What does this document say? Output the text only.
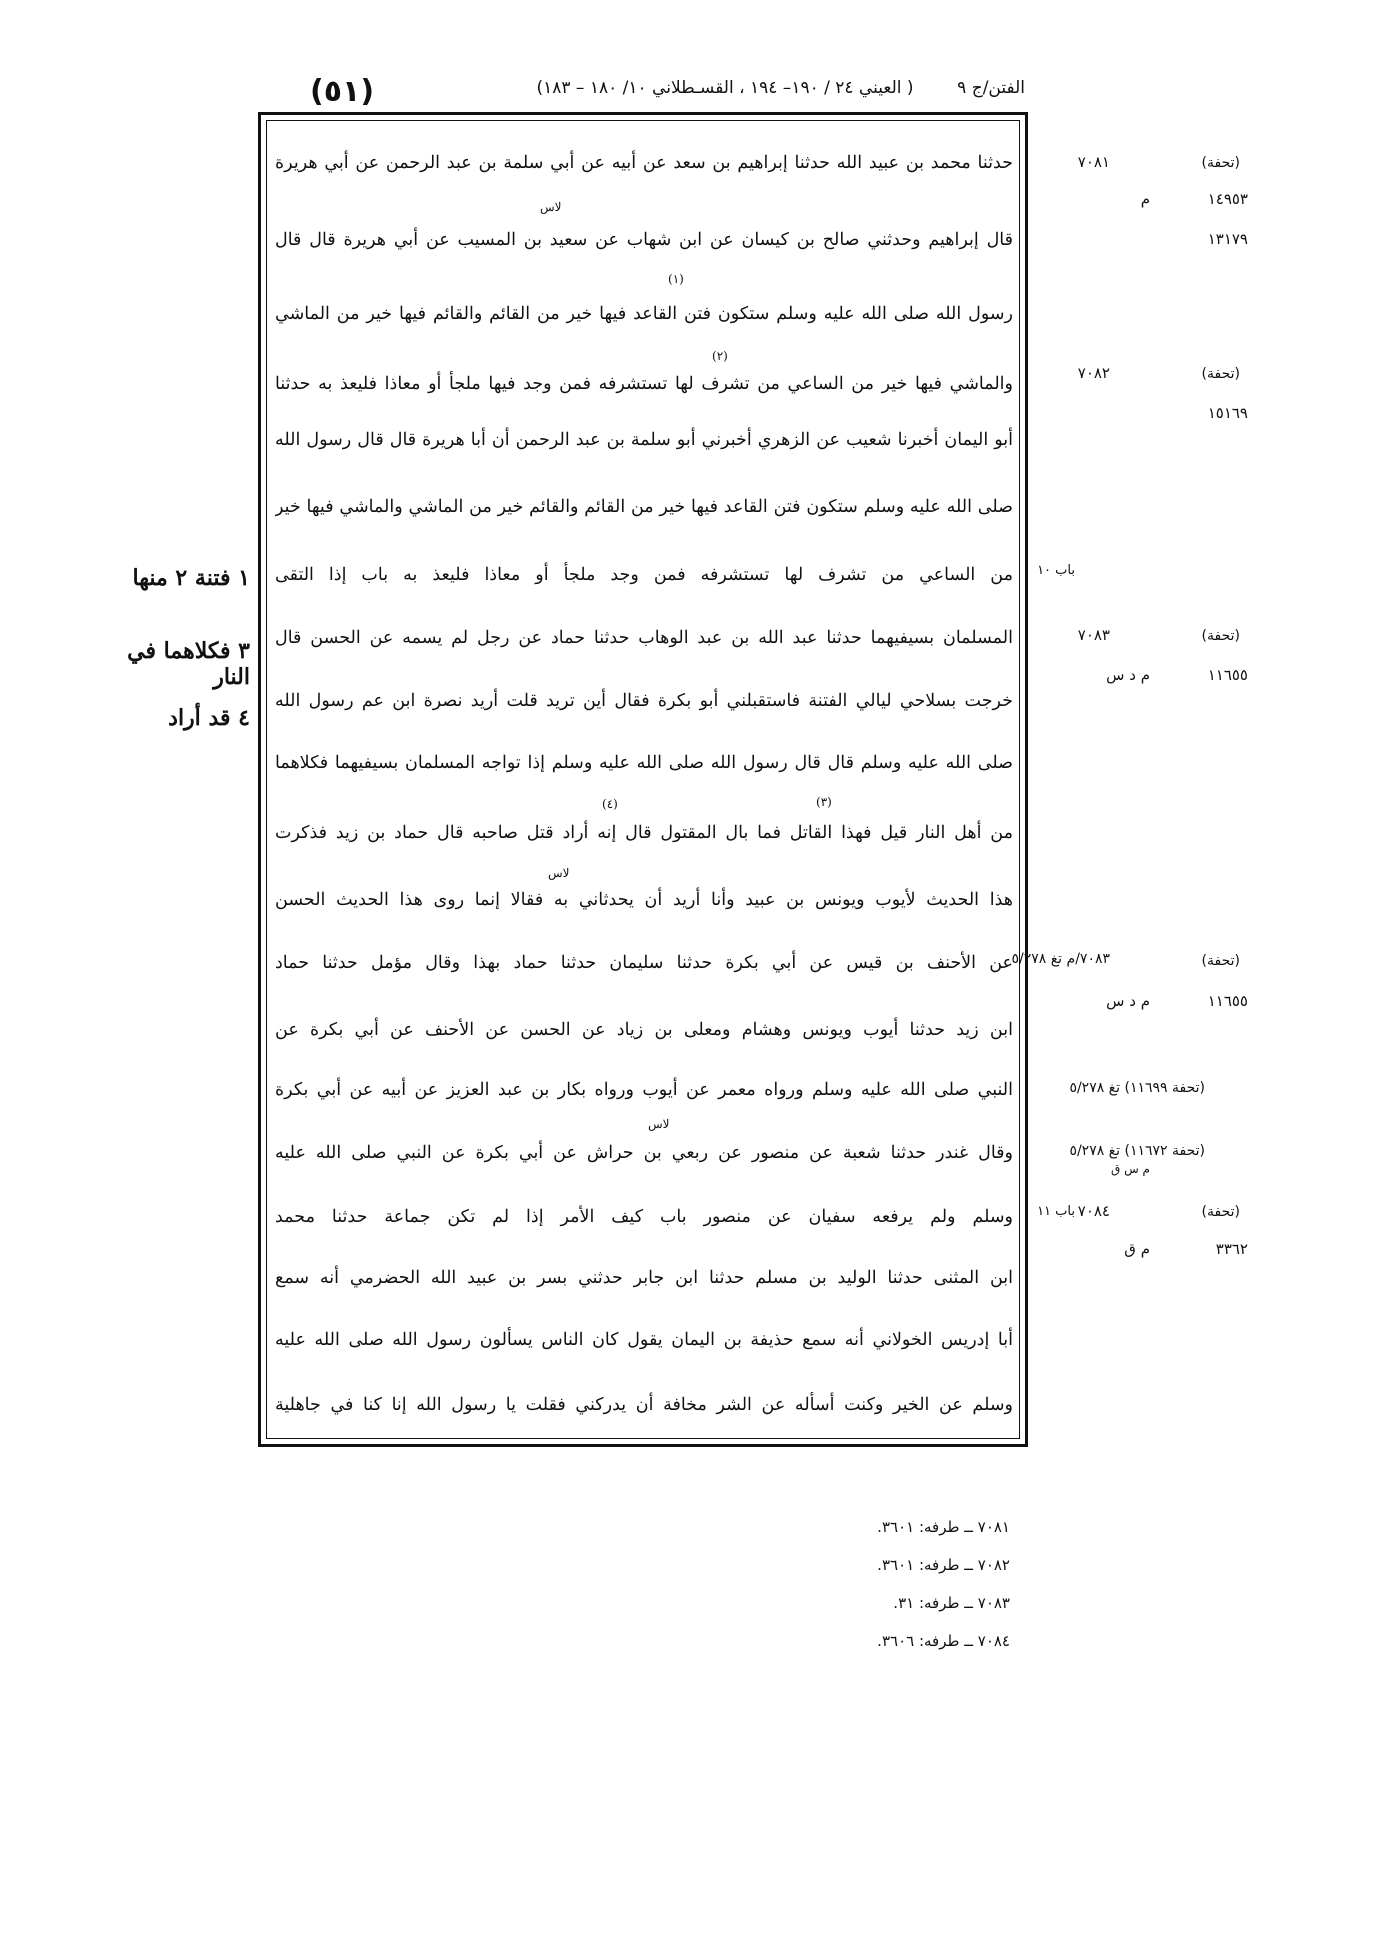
(٥١)	( العيني ٢٤ / ١٩٠– ١٩٤ ، القسـطلاني ١٠/ ١٨٠ – ١٨٣)	الفتن/ج ٩
حدثنا محمد بن عبيد الله حدثنا إبراهيم بن سعد عن أبيه عن أبي سلمة بن عبد الرحمن عن أبي هريرة
قال إبراهيم وحدثني صالح بن كيسان عن ابن شهاب عن سعيد بن المسيب عن أبي هريرة قال قال
رسول الله صلى الله عليه وسلم ستكون فتن القاعد فيها خير من القائم والقائم فيها خير من الماشي
والماشي فيها خير من الساعي من تشرف لها تستشرفه فمن وجد فيها ملجأ أو معاذا فليعذ به حدثنا
أبو اليمان أخبرنا شعيب عن الزهري أخبرني أبو سلمة بن عبد الرحمن أن أبا هريرة قال قال رسول الله
صلى الله عليه وسلم ستكون فتن القاعد فيها خير من القائم والقائم خير من الماشي والماشي فيها خير
من الساعي من تشرف لها تستشرفه فمن وجد ملجأ أو معاذا فليعذ به باب إذا التقى
المسلمان بسيفيهما حدثنا عبد الله بن عبد الوهاب حدثنا حماد عن رجل لم يسمه عن الحسن قال
خرجت بسلاحي ليالي الفتنة فاستقبلني أبو بكرة فقال أين تريد قلت أريد نصرة ابن عم رسول الله
صلى الله عليه وسلم قال قال رسول الله صلى الله عليه وسلم إذا تواجه المسلمان بسيفيهما فكلاهما
من أهل النار قيل فهذا القاتل فما بال المقتول قال إنه أراد قتل صاحبه قال حماد بن زيد فذكرت
هذا الحديث لأيوب ويونس بن عبيد وأنا أريد أن يحدثاني به فقالا إنما روى هذا الحديث الحسن
عن الأحنف بن قيس عن أبي بكرة حدثنا سليمان حدثنا حماد بهذا وقال مؤمل حدثنا حماد
ابن زيد حدثنا أيوب ويونس وهشام ومعلى بن زياد عن الحسن عن الأحنف عن أبي بكرة عن
النبي صلى الله عليه وسلم ورواه معمر عن أيوب ورواه بكار بن عبد العزيز عن أبيه عن أبي بكرة
وقال غندر حدثنا شعبة عن منصور عن ربعي بن حراش عن أبي بكرة عن النبي صلى الله عليه
وسلم ولم يرفعه سفيان عن منصور باب كيف الأمر إذا لم تكن جماعة حدثنا محمد
ابن المثنى حدثنا الوليد بن مسلم حدثنا ابن جابر حدثني بسر بن عبيد الله الحضرمي أنه سمع
أبا إدريس الخولاني أنه سمع حذيفة بن اليمان يقول كان الناس يسألون رسول الله صلى الله عليه
وسلم عن الخير وكنت أسأله عن الشر مخافة أن يدركني فقلت يا رسول الله إنا كنا في جاهلية
لاس
(١)
(٢)
(٣)
(٤)
لاس
لاس
(تحفة)
٧٠٨١
١٤٩٥٣
م
١٣١٧٩
(تحفة)
٧٠٨٢
١٥١٦٩
باب ١٠
(تحفة)
٧٠٨٣
١١٦٥٥
م د س
(تحفة)
٧٠٨٣/م تغ ٥/٢٧٨
١١٦٥٥
م د س
(تحفة ١١٦٩٩) تغ ٥/٢٧٨
(تحفة ١١٦٧٢) تغ ٥/٢٧٨
م س ق
(تحفة)
٧٠٨٤
باب ١١
٣٣٦٢
م ق
١ فتنة ٢ منها
٣ فكلاهما في النار
٤ قد أراد
٧٠٨١ ــ طرفه: ٣٦٠١.
٧٠٨٢ ــ طرفه: ٣٦٠١.
٧٠٨٣ ــ طرفه: ٣١.
٧٠٨٤ ــ طرفه: ٣٦٠٦.
